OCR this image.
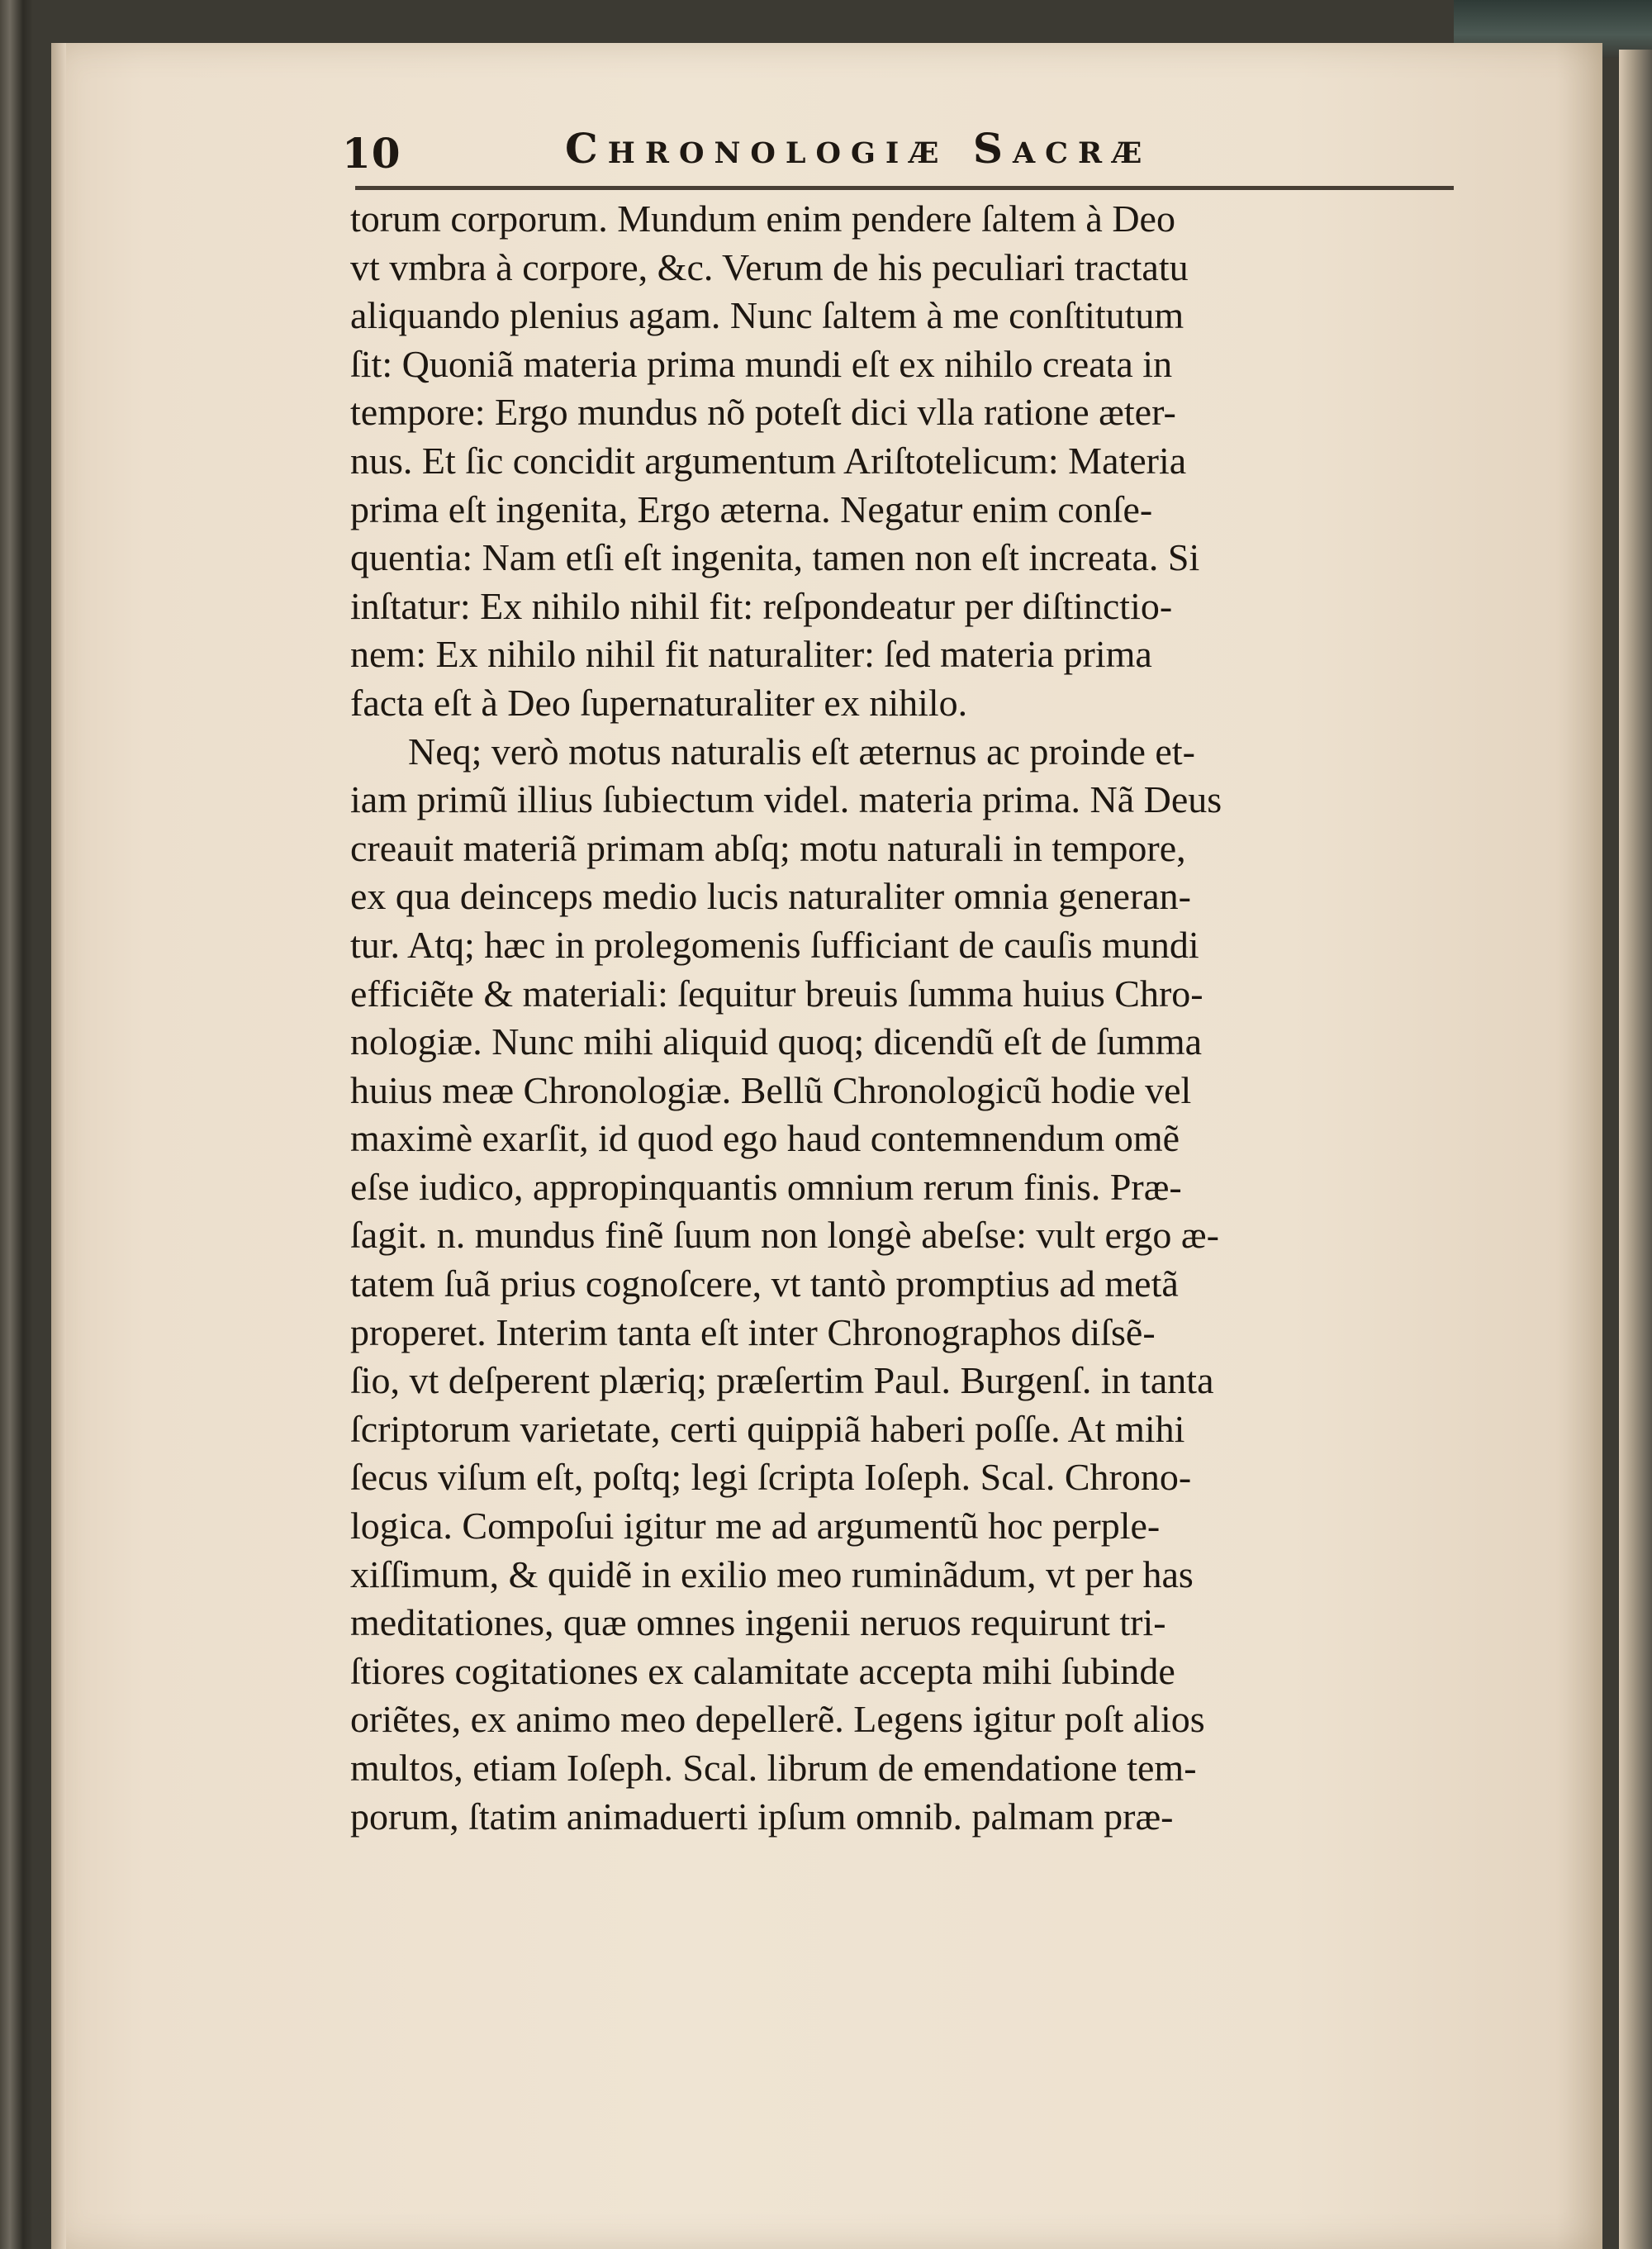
10	Chronologiæ Sacræ
torum corporum. Mundum enim pendere ſaltem à Deo
vt vmbra à corpore, &c. Verum de his peculiari tractatu
aliquando plenius agam. Nunc ſaltem à me conſtitutum
ſit: Quoniã materia prima mundi eſt ex nihilo creata in
tempore: Ergo mundus nõ poteſt dici vlla ratione æter-
nus. Et ſic concidit argumentum Ariſtotelicum: Materia
prima eſt ingenita, Ergo æterna. Negatur enim conſe-
quentia: Nam etſi eſt ingenita, tamen non eſt increata. Si
inſtatur: Ex nihilo nihil fit: reſpondeatur per diſtinctio-
nem: Ex nihilo nihil fit naturaliter: ſed materia prima
facta eſt à Deo ſupernaturaliter ex nihilo.
Neq; verò motus naturalis eſt æternus ac proinde et-
iam primũ illius ſubiectum videl. materia prima. Nã Deus
creauit materiã primam abſq; motu naturali in tempore,
ex qua deinceps medio lucis naturaliter omnia generan-
tur. Atq; hæc in prolegomenis ſufficiant de cauſis mundi
efficiẽte & materiali: ſequitur breuis ſumma huius Chro-
nologiæ. Nunc mihi aliquid quoq; dicendũ eſt de ſumma
huius meæ Chronologiæ. Bellũ Chronologicũ hodie vel
maximè exarſit, id quod ego haud contemnendum omẽ
eſse iudico, appropinquantis omnium rerum finis. Præ-
ſagit. n. mundus finẽ ſuum non longè abeſse: vult ergo æ-
tatem ſuã prius cognoſcere, vt tantò promptius ad metã
properet. Interim tanta eſt inter Chronographos diſsẽ-
ſio, vt deſperent plæriq; præſertim Paul. Burgenſ. in tanta
ſcriptorum varietate, certi quippiã haberi poſſe. At mihi
ſecus viſum eſt, poſtq; legi ſcripta Ioſeph. Scal. Chrono-
logica. Compoſui igitur me ad argumentũ hoc perple-
xiſſimum, & quidẽ in exilio meo ruminãdum, vt per has
meditationes, quæ omnes ingenii neruos requirunt tri-
ſtiores cogitationes ex calamitate accepta mihi ſubinde
oriẽtes, ex animo meo depellerẽ. Legens igitur poſt alios
multos, etiam Ioſeph. Scal. librum de emendatione tem-
porum, ſtatim animaduerti ipſum omnib. palmam præ-
